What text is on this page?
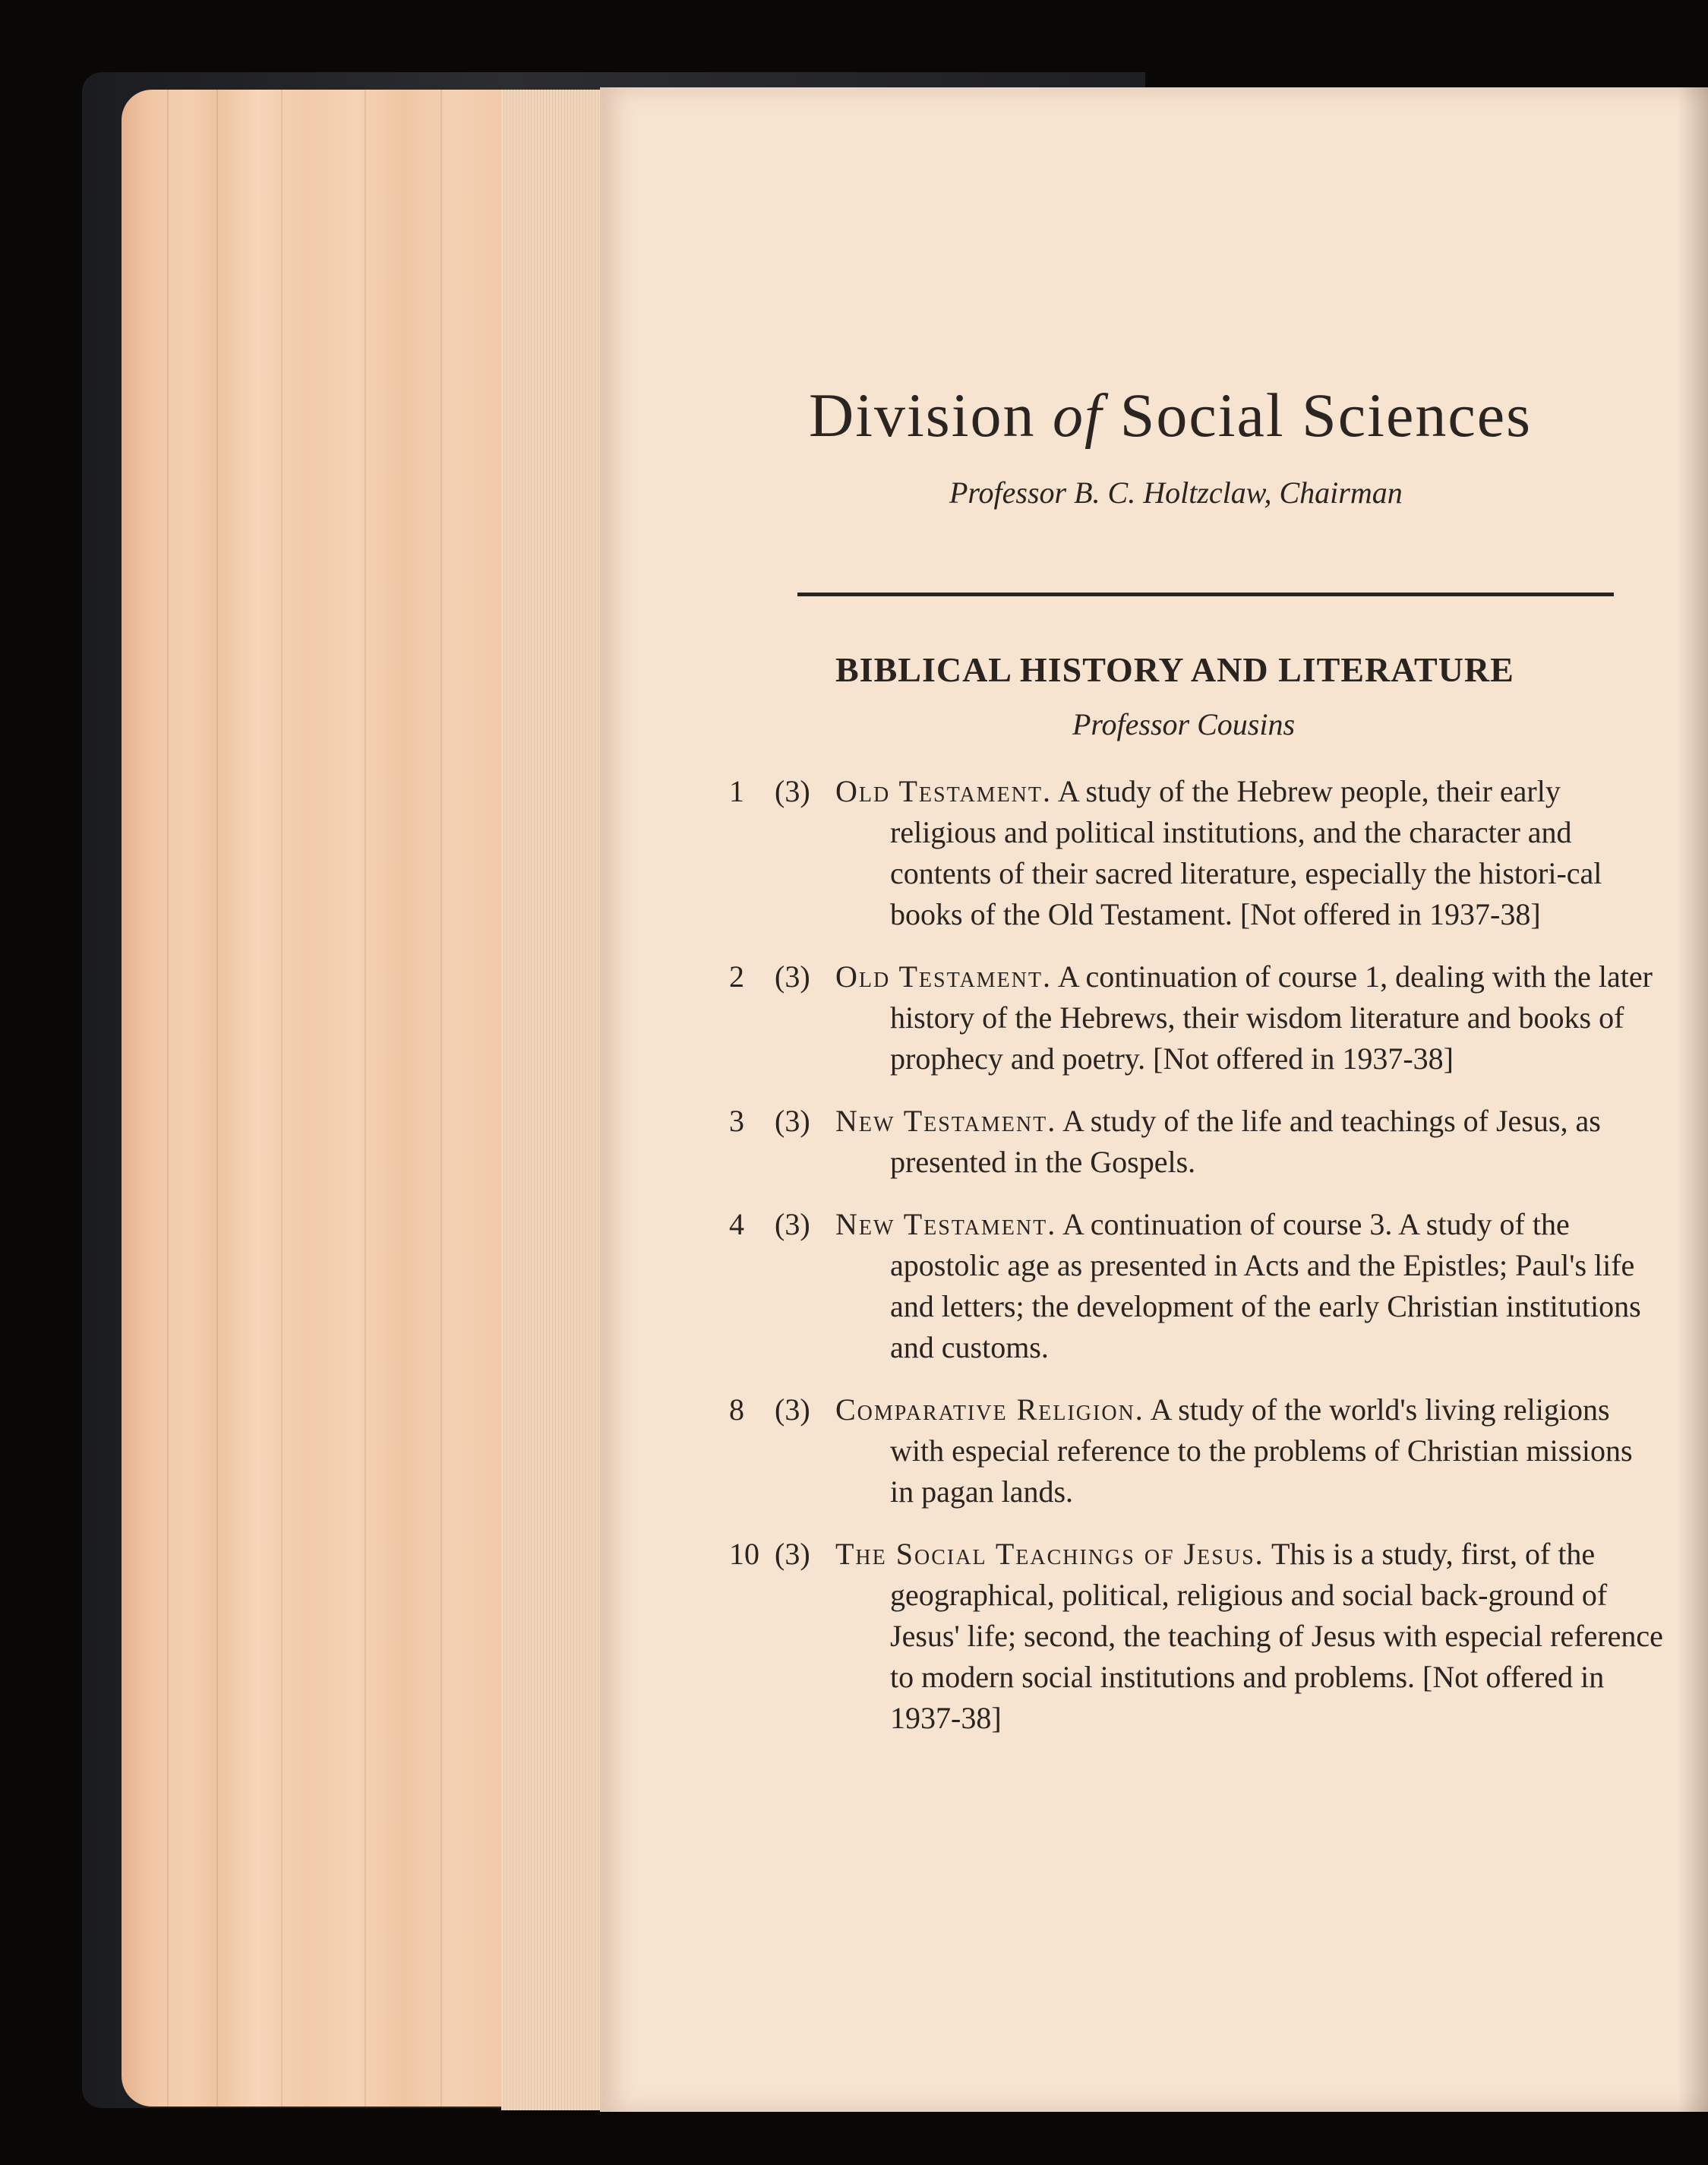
Division of Social Sciences
Professor B. C. Holtzclaw, Chairman
BIBLICAL HISTORY AND LITERATURE
Professor Cousins
1 (3) Old Testament. A study of the Hebrew people, their early religious and political institutions, and the character and contents of their sacred literature, especially the histori-cal books of the Old Testament. [Not offered in 1937-38]
2 (3) Old Testament. A continuation of course 1, dealing with the later history of the Hebrews, their wisdom literature and books of prophecy and poetry. [Not offered in 1937-38]
3 (3) New Testament. A study of the life and teachings of Jesus, as presented in the Gospels.
4 (3) New Testament. A continuation of course 3. A study of the apostolic age as presented in Acts and the Epistles; Paul's life and letters; the development of the early Christian institutions and customs.
8 (3) Comparative Religion. A study of the world's living religions with especial reference to the problems of Christian missions in pagan lands.
10 (3) The Social Teachings of Jesus. This is a study, first, of the geographical, political, religious and social back-ground of Jesus' life; second, the teaching of Jesus with especial reference to modern social institutions and problems. [Not offered in 1937-38]
